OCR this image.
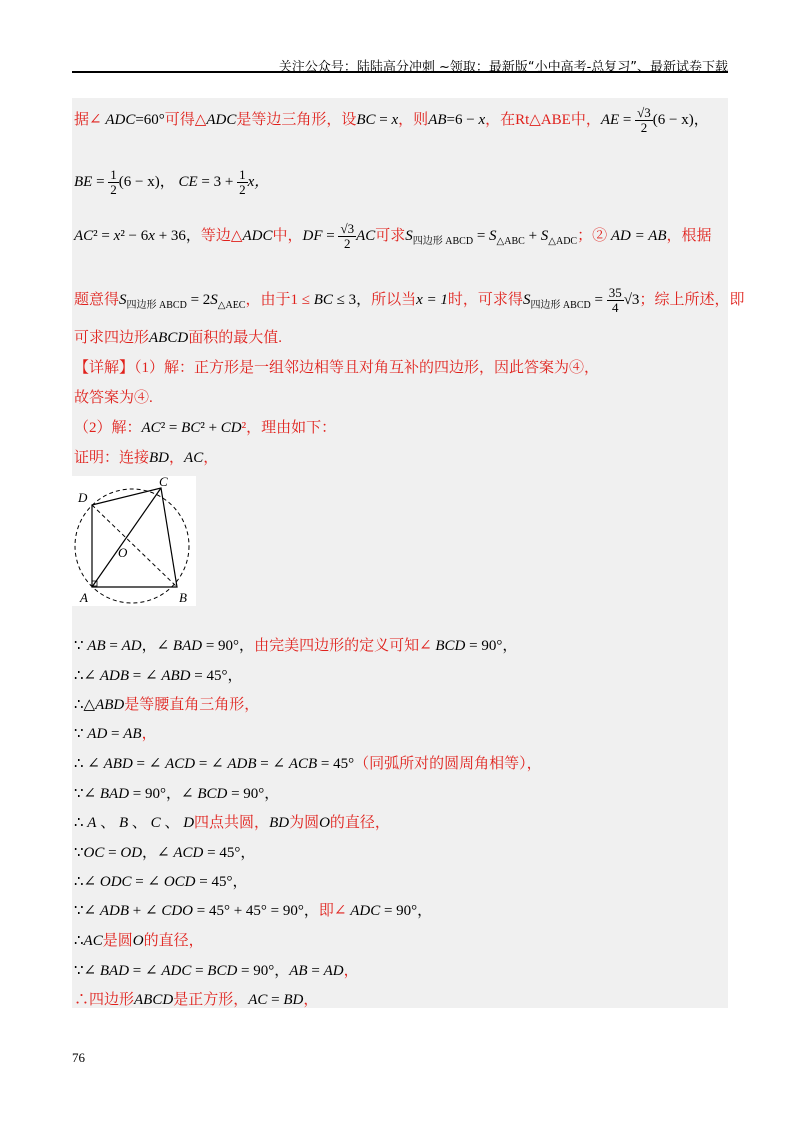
关注公众号：陆陆高分冲刺 ~领取：最新版“小中高考-总复习”、最新试卷下载
据∠ ADC=60°可得△ADC是等边三角形，设BC = x，则AB=6 − x，在Rt△ABE中，AE = $\frac{√3}{2} (6 - x)$，
BE = $\frac{1}{2} (6 - x)$， CE = $3 + \frac{1}{2}$ x，
AC² = x² − 6x + 36，等边△ADC中，DF = $\frac{√3}{2}$ AC可求$S_{四边形 ABCD} = S_{\triangle ABC} + S_{\triangle ADC}$；② AD = AB，根据
题意得$S_{四边形 ABCD} = 2S_{\triangle AEC}$，由于1 ≤ BC ≤ 3，所以当x = 1时，可求得$S_{四边形 ABCD} = \frac{35}{4} √3$；综上所述，即
可求四边形ABCD面积的最大值.
【详解】（1）解：正方形是一组邻边相等且对角互补的四边形，因此答案为④，
故答案为④.
（2）解：AC² = BC² + CD²，理由如下：
证明：连接BD，AC，
A	B
C
D
O
∵ AB = AD，∠ BAD = 90°，由完美四边形的定义可知∠ BCD = 90°，
∴∠ ADB = ∠ ABD = 45°，
∴△ABD是等腰直角三角形，
∵ AD = AB，
∴ ∠ ABD = ∠ ACD = ∠ ADB = ∠ ACB = 45°（同弧所对的圆周角相等），
∵∠ BAD = 90°，∠ BCD = 90°，
∴ A 、 B 、 C 、 D四点共圆，BD为圆O的直径，
∵OC = OD，∠ ACD = 45°，
∴∠ ODC = ∠ OCD = 45°，
∵∠ ADB + ∠ CDO = 45° + 45° = 90°，即∠ ADC = 90°，
∴AC是圆O的直径，
∵∠ BAD = ∠ ADC = BCD = 90°，AB = AD，
∴四边形ABCD是正方形，AC = BD，
76
